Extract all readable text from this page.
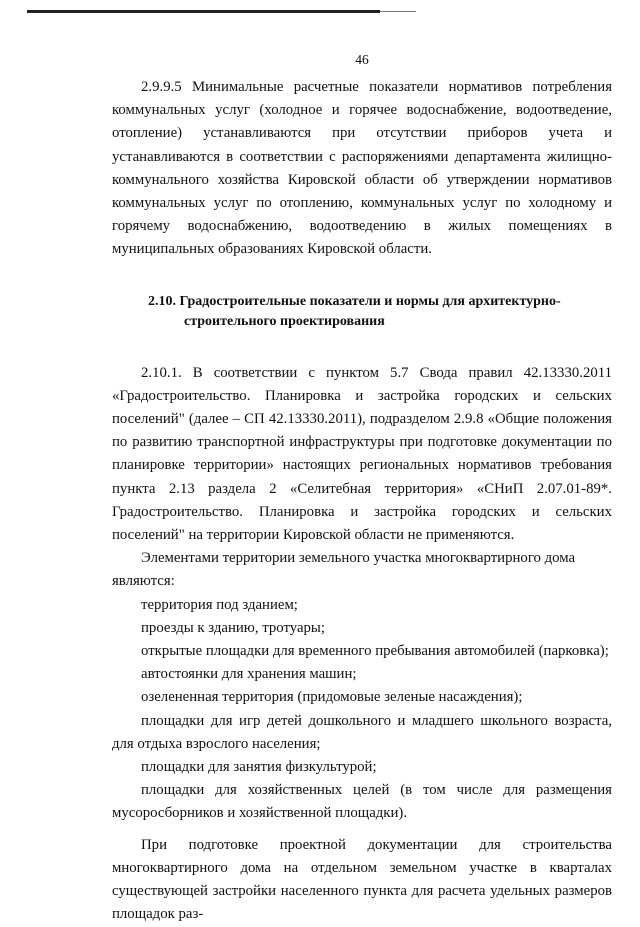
46

2.9.9.5 Минимальные расчетные показатели нормативов потребления коммунальных услуг (холодное и горячее водоснабжение, водоотведение, отопление) устанавливаются при отсутствии приборов учета и устанавливаются в соответствии с распоряжениями департамента жилищно-коммунального хозяйства Кировской области об утверждении нормативов коммунальных услуг по отоплению, коммунальных услуг по холодному и горячему водоснабжению, водоотведению в жилых помещениях в муниципальных образованиях Кировской области.

2.10. Градостроительные показатели и нормы для архитектурно-
строительного проектирования

2.10.1. В соответствии с пунктом 5.7 Свода правил 42.13330.2011 «Градостроительство. Планировка и застройка городских и сельских поселений" (далее – СП 42.13330.2011), подразделом 2.9.8 «Общие положения по развитию транспортной инфраструктуры при подготовке документации по планировке территории» настоящих региональных нормативов требования пункта 2.13 раздела 2 «Селитебная территория» «СНиП 2.07.01-89*. Градостроительство. Планировка и застройка городских и сельских поселений" на территории Кировской области не применяются.

Элементами территории земельного участка многоквартирного дома являются:

территория под зданием;

проезды к зданию, тротуары;

открытые площадки для временного пребывания автомобилей (парковка);

автостоянки для хранения машин;

озелененная территория (придомовые зеленые насаждения);

площадки для игр детей дошкольного и младшего школьного возраста, для отдыха взрослого населения;

площадки для занятия физкультурой;

площадки для хозяйственных целей (в том числе для размещения мусоросборников и хозяйственной площадки).

При подготовке проектной документации для строительства многоквартирного дома на отдельном земельном участке в кварталах существующей застройки населенного пункта для расчета удельных размеров площадок раз-
